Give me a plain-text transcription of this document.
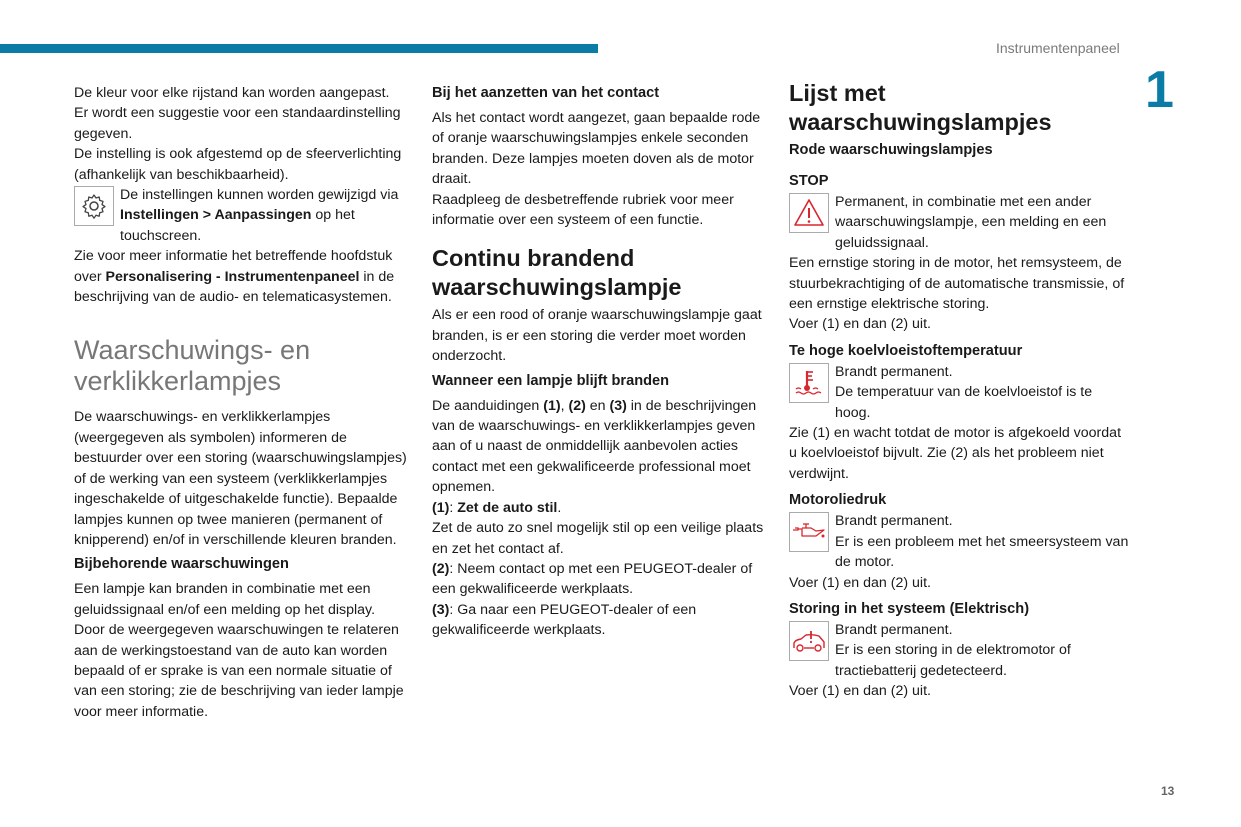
Instrumentenpaneel
1
13

De kleur voor elke rijstand kan worden aangepast.

Er wordt een suggestie voor een standaardinstelling gegeven.

De instelling is ook afgestemd op de sfeerverlichting (afhankelijk van beschikbaarheid).

De instellingen kunnen worden gewijzigd via Instellingen > Aanpassingen op het touchscreen.

Zie voor meer informatie het betreffende hoofdstuk over Personalisering - Instrumentenpaneel in de beschrijving van de audio- en telematicasystemen.

Waarschuwings- en verklikkerlampjes

De waarschuwings- en verklikkerlampjes (weergegeven als symbolen) informeren de bestuurder over een storing (waarschuwingslampjes) of de werking van een systeem (verklikkerlampjes ingeschakelde of uitgeschakelde functie). Bepaalde lampjes kunnen op twee manieren (permanent of knipperend) en/of in verschillende kleuren branden.

Bijbehorende waarschuwingen

Een lampje kan branden in combinatie met een geluidssignaal en/of een melding op het display.

Door de weergegeven waarschuwingen te relateren aan de werkingstoestand van de auto kan worden bepaald of er sprake is van een normale situatie of van een storing; zie de beschrijving van ieder lampje voor meer informatie.

Bij het aanzetten van het contact

Als het contact wordt aangezet, gaan bepaalde rode of oranje waarschuwingslampjes enkele seconden branden. Deze lampjes moeten doven als de motor draait.

Raadpleeg de desbetreffende rubriek voor meer informatie over een systeem of een functie.

Continu brandend waarschuwingslampje

Als er een rood of oranje waarschuwingslampje gaat branden, is er een storing die verder moet worden onderzocht.

Wanneer een lampje blijft branden

De aanduidingen (1), (2) en (3) in de beschrijvingen van de waarschuwings- en verklikkerlampjes geven aan of u naast de onmiddellijk aanbevolen acties contact met een gekwalificeerde professional moet opnemen.

(1): Zet de auto stil.

Zet de auto zo snel mogelijk stil op een veilige plaats en zet het contact af.

(2): Neem contact op met een PEUGEOT-dealer of een gekwalificeerde werkplaats.

(3): Ga naar een PEUGEOT-dealer of een gekwalificeerde werkplaats.

Lijst met waarschuwingslampjes
Rode waarschuwingslampjes
STOP

Permanent, in combinatie met een ander waarschuwingslampje, een melding en een geluidssignaal.

Een ernstige storing in de motor, het remsysteem, de stuurbekrachtiging of de automatische transmissie, of een ernstige elektrische storing.

Voer (1) en dan (2) uit.

Te hoge koelvloeistoftemperatuur

Brandt permanent.

De temperatuur van de koelvloeistof is te hoog.

Zie (1) en wacht totdat de motor is afgekoeld voordat u koelvloeistof bijvult. Zie (2) als het probleem niet verdwijnt.

Motoroliedruk

Brandt permanent.

Er is een probleem met het smeersysteem van de motor.

Voer (1) en dan (2) uit.

Storing in het systeem (Elektrisch)

Brandt permanent.

Er is een storing in de elektromotor of tractiebatterij gedetecteerd.

Voer (1) en dan (2) uit.
